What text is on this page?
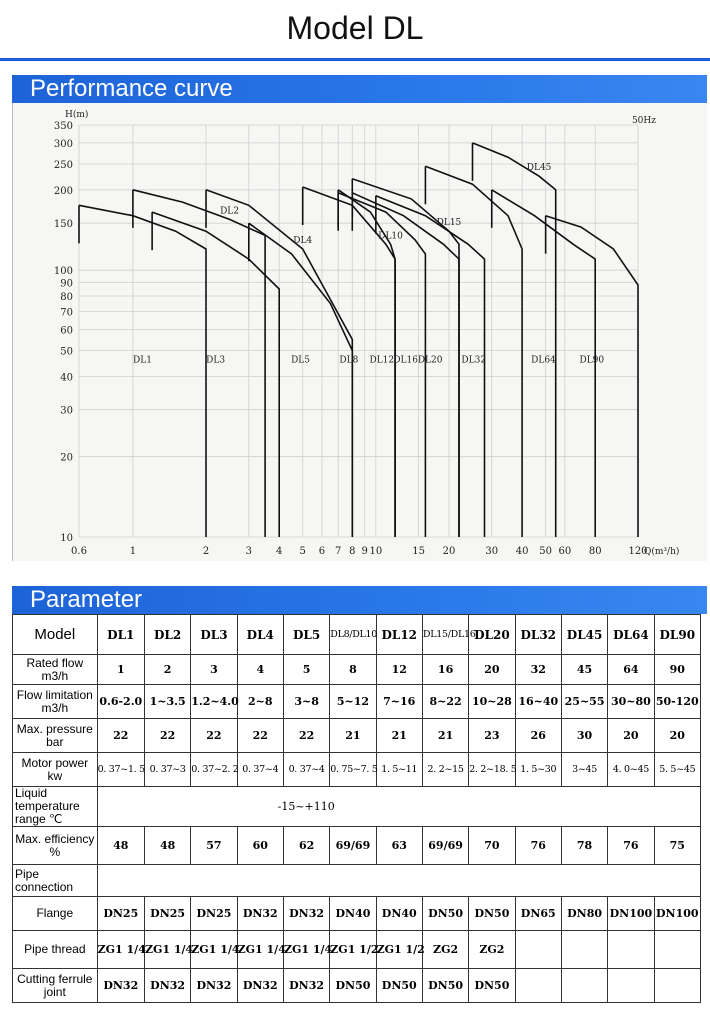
Model DL
Performance curve
0.6	1	2	3 4 5 6 7 8 9 10	15 20	30 40 50 60 80	120
350
300
250
200
150
100
90
80
70
60
50
40
30
20
10
H(m)
Q(m³/h)
50Hz
DL1	DL3	DL5	DL8 DL12 DL16 DL20 DL32	DL64	DL90
DL2
DL4	DL10
DL15
DL45
Parameter
Model	DL1	DL2	DL3	DL4	DL5	DL8/DL10	DL12	DL15/DL16	DL20	DL32	DL45	DL64	DL90
Rated flow m3/h	1	2	3	4	5	8	12	16	20	32	45	64	90
Flow limitation m3/h	0.6-2.0	1~3.5	1.2~4.0	2~8	3~8	5~12	7~16	8~22	10~28	16~40	25~55	30~80	50-120
Max. pressure bar	22	22	22	22	22	21	21	21	23	26	30	20	20
Motor power kw	0. 37~1. 5	0. 37~3	0. 37~2. 2	0. 37~4	0. 37~4	0. 75~7. 5	1. 5~11	2. 2~15	2. 2~18. 5	1. 5~30	3~45	4. 0~45	5. 5~45
Liquid temperature range ℃	-15~+110												
Max. efficiency %	48	48	57	60	62	69/69	63	69/69	70	76	78	76	75
Pipe connection													
Flange	DN25	DN25	DN25	DN32	DN32	DN40	DN40	DN50	DN50	DN65	DN80	DN100	DN100
Pipe thread	ZG1 1/4	ZG1 1/4	ZG1 1/4	ZG1 1/4	ZG1 1/4	ZG1 1/2	ZG1 1/2	ZG2	ZG2				
Cutting ferrule joint	DN32	DN32	DN32	DN32	DN32	DN50	DN50	DN50	DN50				
